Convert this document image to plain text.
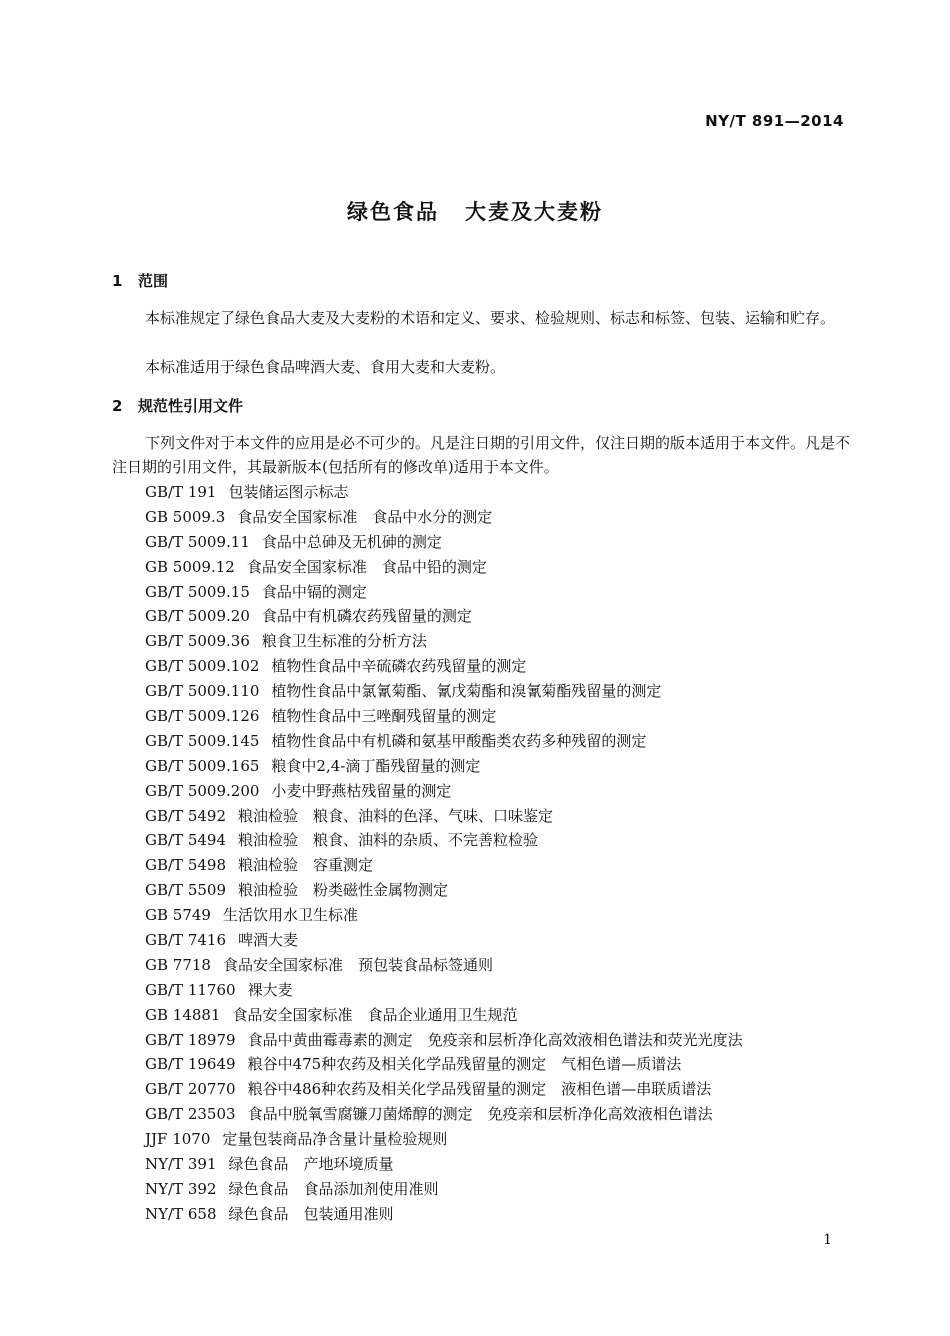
NY/T 891—2014
绿色食品 大麦及大麦粉
1 范围
本标准规定了绿色食品大麦及大麦粉的术语和定义、要求、检验规则、标志和标签、包装、运输和贮存。
本标准适用于绿色食品啤酒大麦、食用大麦和大麦粉。
2 规范性引用文件
下列文件对于本文件的应用是必不可少的。凡是注日期的引用文件，仅注日期的版本适用于本文件。凡是不注日期的引用文件，其最新版本(包括所有的修改单)适用于本文件。
GB/T 191 包装储运图示标志
GB 5009.3 食品安全国家标准　食品中水分的测定
GB/T 5009.11 食品中总砷及无机砷的测定
GB 5009.12 食品安全国家标准　食品中铅的测定
GB/T 5009.15 食品中镉的测定
GB/T 5009.20 食品中有机磷农药残留量的测定
GB/T 5009.36 粮食卫生标准的分析方法
GB/T 5009.102 植物性食品中辛硫磷农药残留量的测定
GB/T 5009.110 植物性食品中氯氰菊酯、氰戊菊酯和溴氰菊酯残留量的测定
GB/T 5009.126 植物性食品中三唑酮残留量的测定
GB/T 5009.145 植物性食品中有机磷和氨基甲酸酯类农药多种残留的测定
GB/T 5009.165 粮食中2,4-滴丁酯残留量的测定
GB/T 5009.200 小麦中野燕枯残留量的测定
GB/T 5492 粮油检验　粮食、油料的色泽、气味、口味鉴定
GB/T 5494 粮油检验　粮食、油料的杂质、不完善粒检验
GB/T 5498 粮油检验　容重测定
GB/T 5509 粮油检验　粉类磁性金属物测定
GB 5749 生活饮用水卫生标准
GB/T 7416 啤酒大麦
GB 7718 食品安全国家标准　预包装食品标签通则
GB/T 11760 裸大麦
GB 14881 食品安全国家标准　食品企业通用卫生规范
GB/T 18979 食品中黄曲霉毒素的测定　免疫亲和层析净化高效液相色谱法和荧光光度法
GB/T 19649 粮谷中475种农药及相关化学品残留量的测定　气相色谱—质谱法
GB/T 20770 粮谷中486种农药及相关化学品残留量的测定　液相色谱—串联质谱法
GB/T 23503 食品中脱氧雪腐镰刀菌烯醇的测定　免疫亲和层析净化高效液相色谱法
JJF 1070 定量包装商品净含量计量检验规则
NY/T 391 绿色食品　产地环境质量
NY/T 392 绿色食品　食品添加剂使用准则
NY/T 658 绿色食品　包装通用准则
1
